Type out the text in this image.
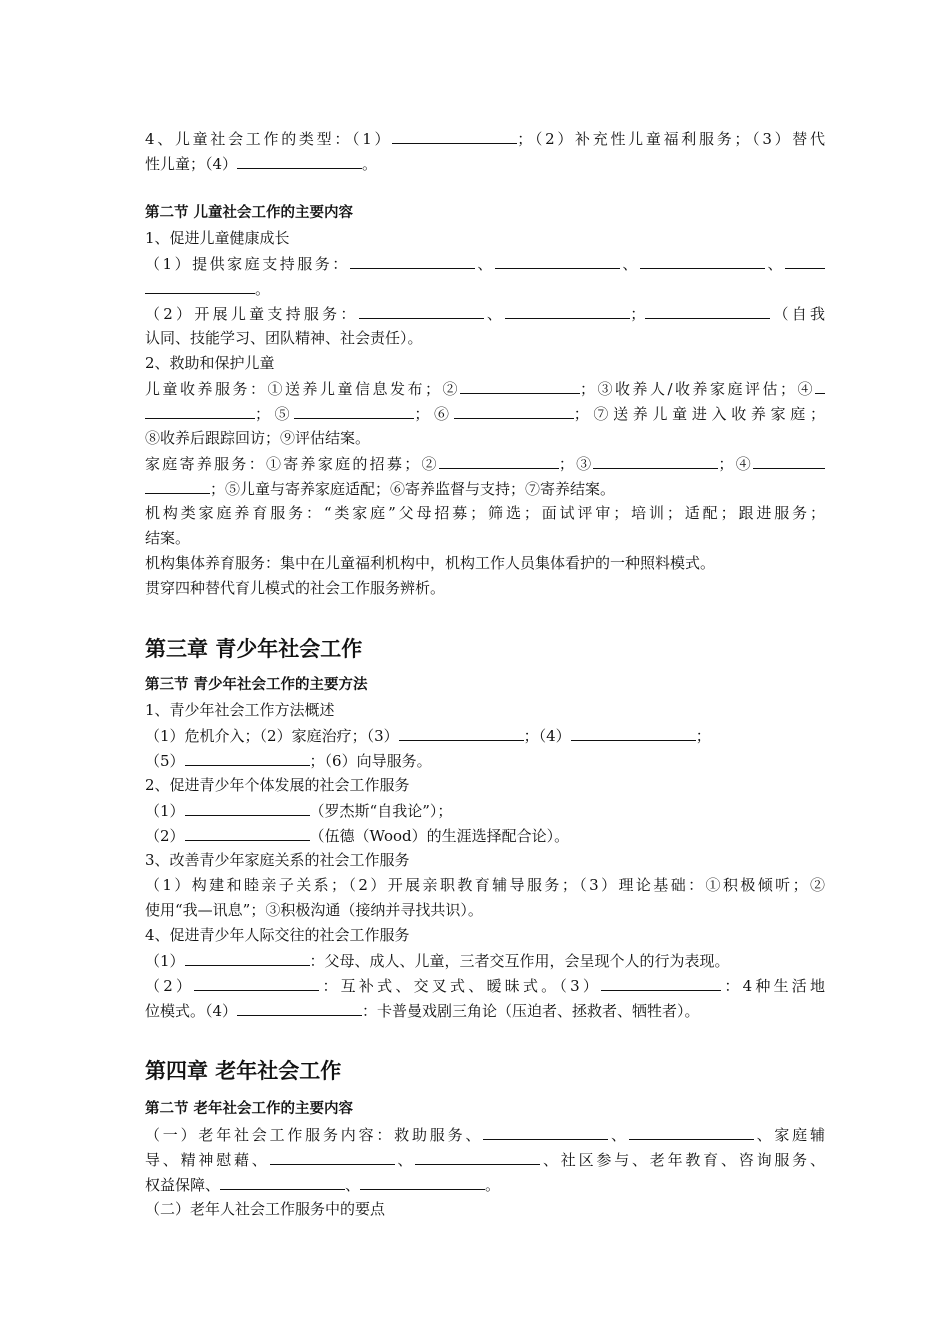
4、儿童社会工作的类型：（1）	；（2）补充性儿童福利服务；（3）替代
性儿童；（4）	。
第二节 儿童社会工作的主要内容
1、促进儿童健康成长
（1）提供家庭支持服务：	、	、	、
。
（2）开展儿童支持服务：	、	；	（自我
认同、技能学习、团队精神、社会责任）。
2、救助和保护儿童
儿童收养服务：①送养儿童信息发布；②	；③收养人/收养家庭评估；④
；⑤	；⑥	；⑦送养儿童进入收养家庭；
⑧收养后跟踪回访；⑨评估结案。
家庭寄养服务：①寄养家庭的招募；②	；③	；④
；⑤儿童与寄养家庭适配；⑥寄养监督与支持；⑦寄养结案。
机构类家庭养育服务：“类家庭”父母招募；筛选；面试评审；培训；适配；跟进服务；
结案。
机构集体养育服务：集中在儿童福利机构中，机构工作人员集体看护的一种照料模式。
贯穿四种替代育儿模式的社会工作服务辨析。
第三章 青少年社会工作
第三节 青少年社会工作的主要方法
1、青少年社会工作方法概述
（1）危机介入；（2）家庭治疗；（3）	；（4）	；
（5）	；（6）向导服务。
2、促进青少年个体发展的社会工作服务
（1）	（罗杰斯“自我论”）；
（2）	（伍德（Wood）的生涯选择配合论）。
3、改善青少年家庭关系的社会工作服务
（1）构建和睦亲子关系；（2）开展亲职教育辅导服务；（3）理论基础：①积极倾听；②
使用“我—讯息”；③积极沟通（接纳并寻找共识）。
4、促进青少年人际交往的社会工作服务
（1）	：父母、成人、儿童，三者交互作用，会呈现个人的行为表现。
（2）	：互补式、交叉式、暧昧式。（3）	：4种生活地
位模式。（4）	：卡普曼戏剧三角论（压迫者、拯救者、牺牲者）。
第四章 老年社会工作
第二节 老年社会工作的主要内容
（一）老年社会工作服务内容：救助服务、	、	、家庭辅
导、精神慰藉、	、	、社区参与、老年教育、咨询服务、
权益保障、	、	。
（二）老年人社会工作服务中的要点
